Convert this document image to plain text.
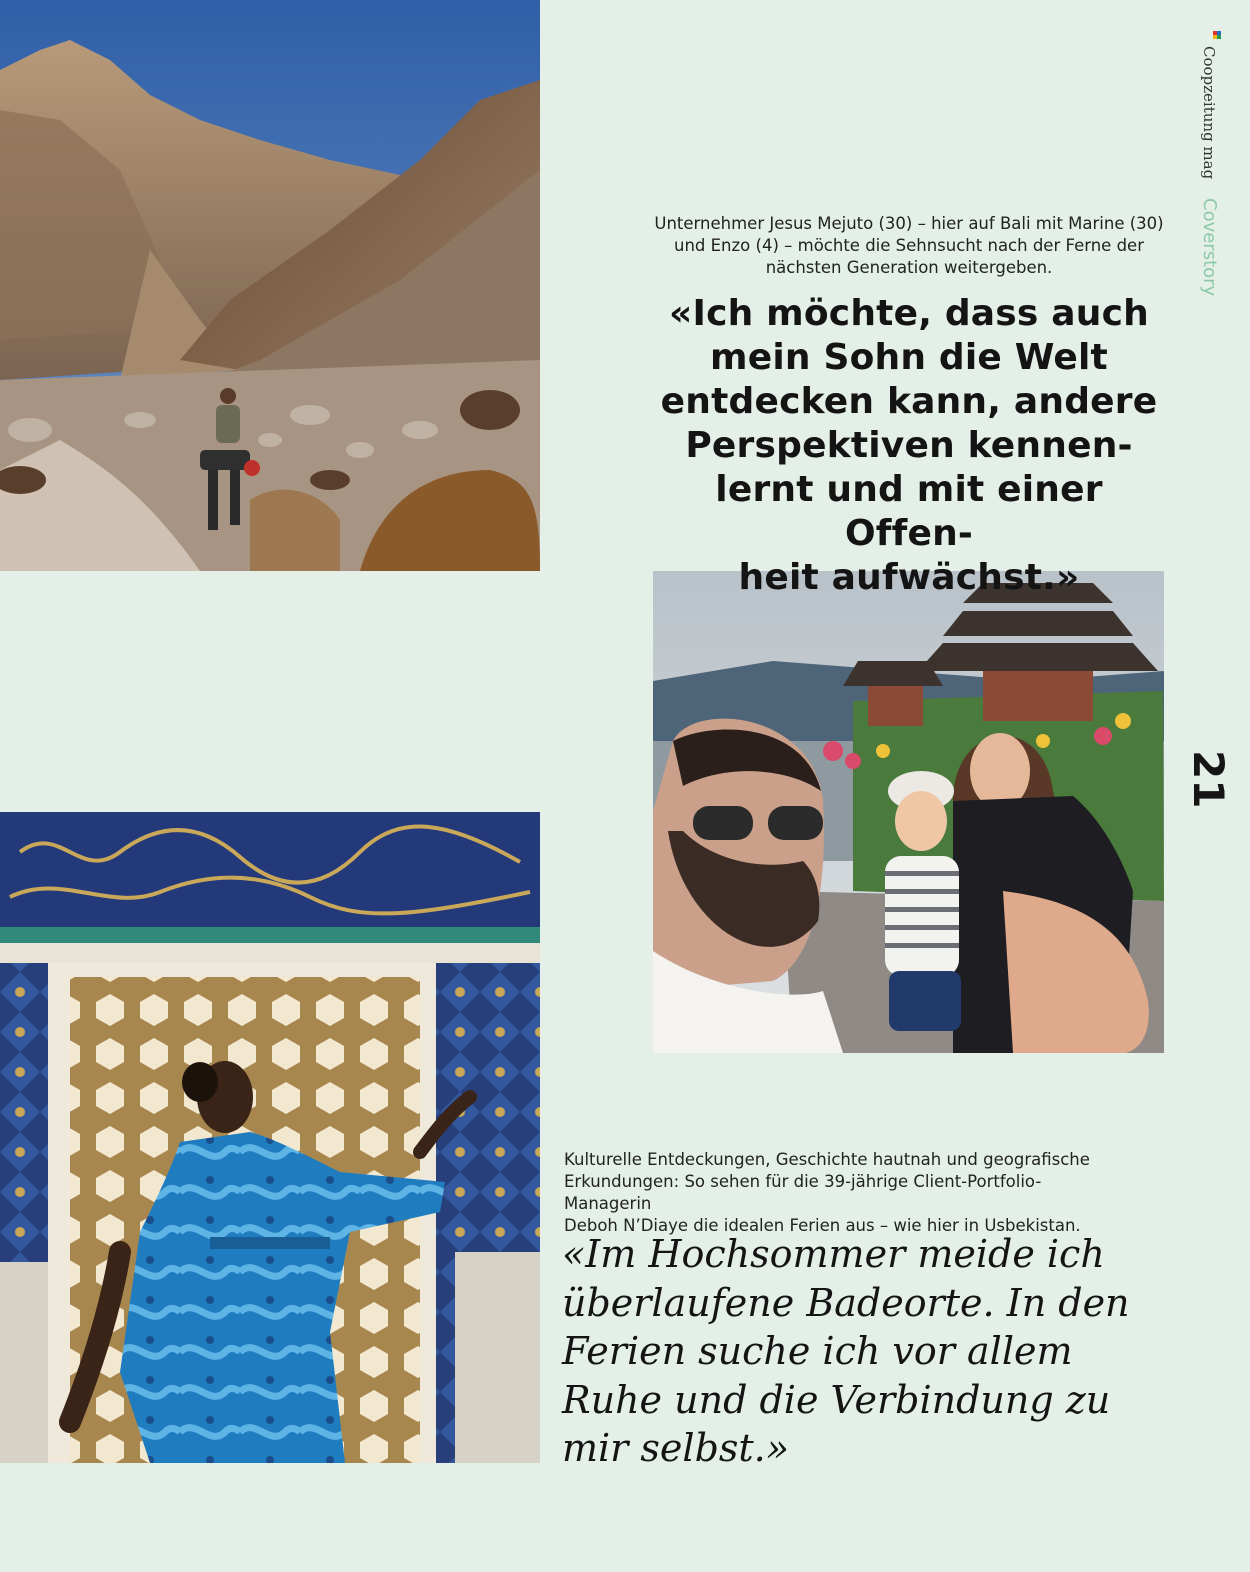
Unternehmer Jesus Mejuto (30) – hier auf Bali mit Marine (30) und Enzo (4) – möchte die Sehnsucht nach der Ferne der nächsten Generation weitergeben.
«Ich möchte, dass auch
mein Sohn die Welt
entdecken kann, andere
Perspektiven kennen-
lernt und mit einer Offen-
heit aufwächst.»
Kulturelle Entdeckungen, Geschichte hautnah und geografische
Erkundungen: So sehen für die 39-jährige Client-Portfolio-Managerin
Deboh N’Diaye die idealen Ferien aus – wie hier in Usbekistan.
«Im Hochsommer meide ich
überlaufene Badeorte. In den
Ferien suche ich vor allem
Ruhe und die Verbindung zu
mir selbst.»
Coopzeitung mag
Coverstory
21
